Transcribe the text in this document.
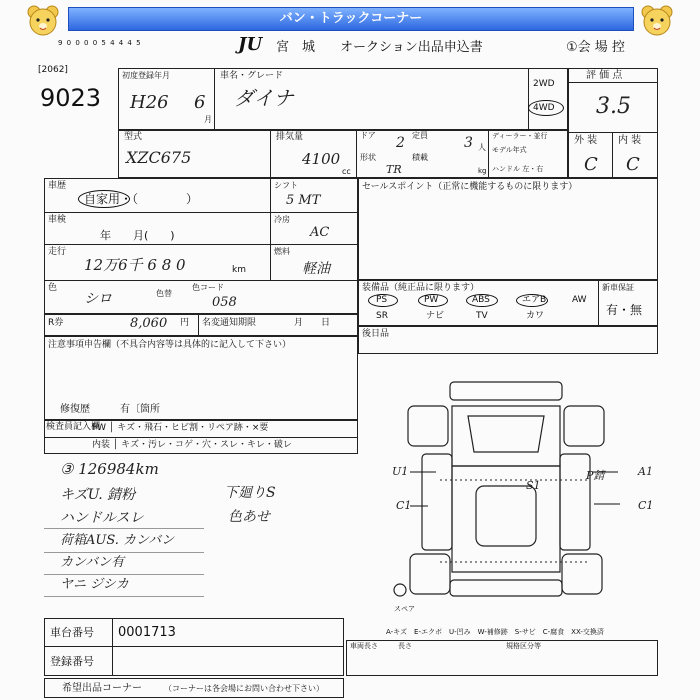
バン・トラックコーナー
9 0 0 0 0 5 4 4 4 5	JU 宮　城 オークション出品申込書	①会 場 控
[2062]
9023
初度登録年月
H26 6
月
車名・グレード
ダイナ
2WD
4WD
評 価 点
3.5
外 装 内 装
C C
型式
XZC675
排気量
4100
cc
ドア 2 定員	3 人
形状
TR
積載
kg
ディーラー・並行
モデル年式
ハンドル 左・右
車歴
自家用・（　　　　）
シフト
5 MT
車検
年　　月(　　)
冷房
AC
走行
12万6千 6 8 0	km
燃料
軽油
色
シロ	色替
色コード
058
セールスポイント（正常に機能するものに限ります）
装備品（純正品に限ります）	新車保証
有・無
PS	PW	ABS	エアB	AW
SR	ナビ	TV	カワ
R券	8,060 円 名変通知期限	月　　日
後日品
注意事項申告欄（不具合内容等は具体的に記入して下さい）
修復歴	有〔箇所
検査員記入欄
FW │ キズ・飛石・ヒビ割・リペア跡・×要
内装 │ キズ・汚レ・コゲ・穴・スレ・キレ・破レ
③ 126984km
キズU. 錆粉
ハンドルスレ
荷箱AUS. カンバン
カンバン有
ヤニ ジシカ
下廻りS
色あせ
U1
C1
S1
P錆	A1
C1
スペア
A-キズ　E-エクボ　U-凹み　W-補修跡　S-サビ　C-腐食　XX-交換済
車台番号 0001713
登録番号
車両長さ	長さ	規格区分等
希望出品コーナー	（コーナーは各会場にお問い合わせ下さい）
